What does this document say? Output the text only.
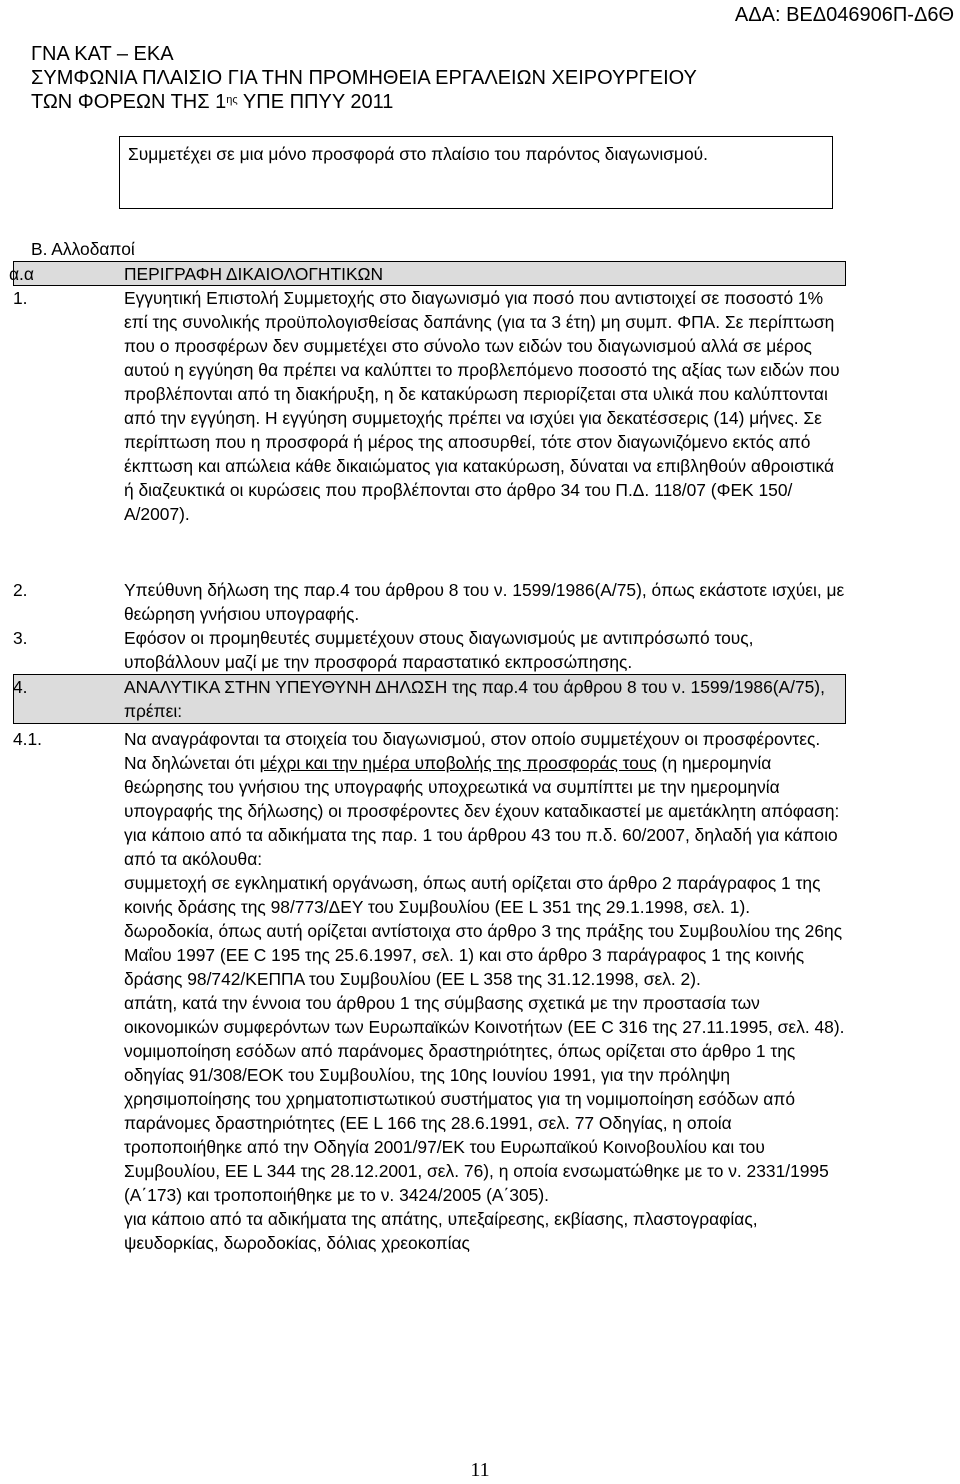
ΑΔΑ: ΒΕΔ046906Π-Δ6Θ
ΓΝΑ ΚΑΤ – ΕΚΑ
ΣΥΜΦΩΝΙΑ ΠΛΑΙΣΙΟ ΓΙΑ ΤΗΝ ΠΡΟΜΗΘΕΙΑ ΕΡΓΑΛΕΙΩΝ ΧΕΙΡΟΥΡΓΕΙΟΥ
ΤΩΝ ΦΟΡΕΩΝ ΤΗΣ $1^{\eta\varsigma}$ ΥΠΕ ΠΠΥΥ 2011
Συμμετέχει σε μια μόνο προσφορά στο πλαίσιο του παρόντος διαγωνισμού.
Β. Αλλοδαποί
α.α	ΠΕΡΙΓΡΑΦΗ ΔΙΚΑΙΟΛΟΓΗΤΙΚΩΝ
1.	Εγγυητική Επιστολή Συμμετοχής στο διαγωνισμό για ποσό που αντιστοιχεί σε ποσοστό 1% επί της συνολικής προϋπολογισθείσας δαπάνης (για τα 3 έτη) μη συμπ. ΦΠΑ. Σε περίπτωση που ο προσφέρων δεν συμμετέχει στο σύνολο των ειδών του διαγωνισμού αλλά σε μέρος αυτού η εγγύηση θα πρέπει να καλύπτει το προβλεπόμενο ποσοστό της αξίας των ειδών που προβλέπονται από τη διακήρυξη, η δε κατακύρωση περιορίζεται στα υλικά που καλύπτονται από την εγγύηση. Η εγγύηση συμμετοχής πρέπει να ισχύει για δεκατέσσερις (14) μήνες. Σε περίπτωση που η προσφορά ή μέρος της αποσυρθεί, τότε στον διαγωνιζόμενο εκτός από έκπτωση και απώλεια κάθε δικαιώματος για κατακύρωση, δύναται να επιβληθούν αθροιστικά ή διαζευκτικά οι κυρώσεις που προβλέπονται στο άρθρο 34 του Π.Δ. 118/07 (ΦΕΚ 150/Α/2007).

2.	Υπεύθυνη δήλωση της παρ.4 του άρθρου 8 του ν. 1599/1986(Α/75), όπως εκάστοτε ισχύει, με θεώρηση γνήσιου υπογραφής.

3.	Εφόσον οι προμηθευτές συμμετέχουν στους διαγωνισμούς με αντιπρόσωπό τους, υποβάλλουν μαζί με την προσφορά παραστατικό εκπροσώπησης.

4.	ΑΝΑΛΥΤΙΚΑ ΣΤΗΝ ΥΠΕΥΘΥΝΗ ΔΗΛΩΣΗ της παρ.4 του άρθρου 8 του ν. 1599/1986(Α/75), πρέπει:

4.1.	Να αναγράφονται τα στοιχεία του διαγωνισμού, στον οποίο συμμετέχουν οι προσφέροντες.

Να δηλώνεται ότι μέχρι και την ημέρα υποβολής της προσφοράς τους (η ημερομηνία θεώρησης του γνήσιου της υπογραφής υποχρεωτικά να συμπίπτει με την ημερομηνία υπογραφής της δήλωσης) οι προσφέροντες δεν έχουν καταδικαστεί με αμετάκλητη απόφαση:

για κάποιο από τα αδικήματα της παρ. 1 του άρθρου 43 του π.δ. 60/2007, δηλαδή για κάποιο από τα ακόλουθα:

συμμετοχή σε εγκληματική οργάνωση, όπως αυτή ορίζεται στο άρθρο 2 παράγραφος 1 της κοινής δράσης της 98/773/ΔΕΥ του Συμβουλίου (ΕΕ L 351 της 29.1.1998, σελ. 1).

δωροδοκία, όπως αυτή ορίζεται αντίστοιχα στο άρθρο 3 της πράξης του Συμβουλίου της 26ης Μαΐου 1997 (ΕΕ C 195 της 25.6.1997, σελ. 1) και στο άρθρο 3 παράγραφος 1 της κοινής δράσης 98/742/ΚΕΠΠΑ του Συμβουλίου (ΕΕ L 358 της 31.12.1998, σελ. 2).

απάτη, κατά την έννοια του άρθρου 1 της σύμβασης σχετικά με την προστασία των οικονομικών συμφερόντων των Ευρωπαϊκών Κοινοτήτων (ΕΕ C 316 της 27.11.1995, σελ. 48).

νομιμοποίηση εσόδων από παράνομες δραστηριότητες, όπως ορίζεται στο άρθρο 1 της οδηγίας 91/308/ΕΟΚ του Συμβουλίου, της 10ης Ιουνίου 1991, για την πρόληψη χρησιμοποίησης του χρηματοπιστωτικού συστήματος για τη νομιμοποίηση εσόδων από παράνομες δραστηριότητες (ΕΕ L 166 της 28.6.1991, σελ. 77 Οδηγίας, η οποία τροποποιήθηκε από την Οδηγία 2001/97/ΕΚ του Ευρωπαϊκού Κοινοβουλίου και του Συμβουλίου, ΕΕ L 344 της 28.12.2001, σελ. 76), η οποία ενσωματώθηκε με το ν. 2331/1995 (Α΄173) και τροποποιήθηκε με το ν. 3424/2005 (Α΄305).

για κάποιο από τα αδικήματα της απάτης, υπεξαίρεσης, εκβίασης, πλαστογραφίας, ψευδορκίας, δωροδοκίας, δόλιας χρεοκοπίας

11
